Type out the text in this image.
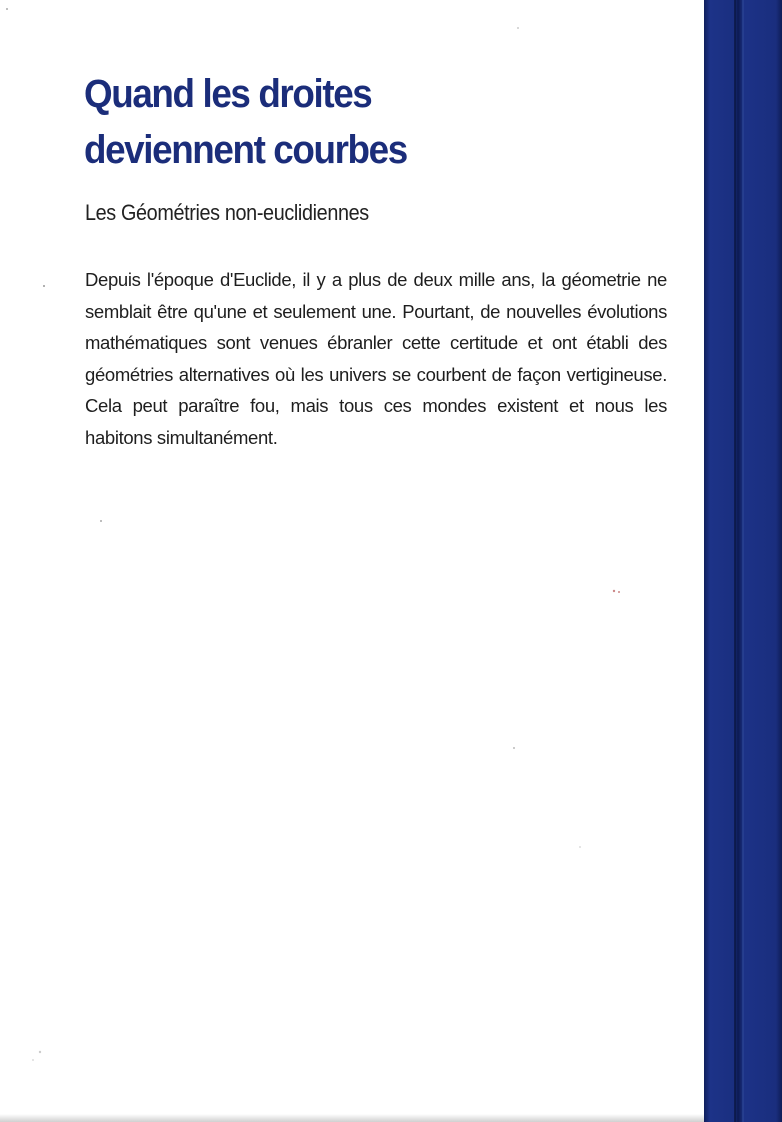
Quand les droites
deviennent courbes

Les Géométries non-euclidiennes

Depuis l'époque d'Euclide, il y a plus de deux mille ans, la géometrie ne semblait être qu'une et seulement une. Pourtant, de nouvelles évolutions mathématiques sont venues ébranler cette certitude et ont établi des géométries alternatives où les univers se courbent de façon vertigineuse. Cela peut paraître fou, mais tous ces mondes existent et nous les habitons simultanément.
